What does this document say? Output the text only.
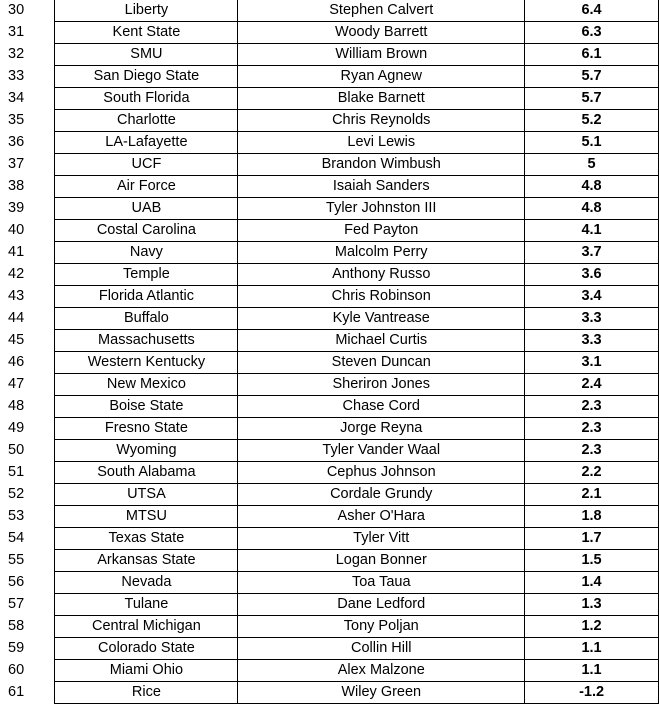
30	Liberty	Stephen Calvert	6.4
31	Kent State	Woody Barrett	6.3
32	SMU	William Brown	6.1
33	San Diego State	Ryan Agnew	5.7
34	South Florida	Blake Barnett	5.7
35	Charlotte	Chris Reynolds	5.2
36	LA-Lafayette	Levi Lewis	5.1
37	UCF	Brandon Wimbush	5
38	Air Force	Isaiah Sanders	4.8
39	UAB	Tyler Johnston III	4.8
40	Costal Carolina	Fed Payton	4.1
41	Navy	Malcolm Perry	3.7
42	Temple	Anthony Russo	3.6
43	Florida Atlantic	Chris Robinson	3.4
44	Buffalo	Kyle Vantrease	3.3
45	Massachusetts	Michael Curtis	3.3
46	Western Kentucky	Steven Duncan	3.1
47	New Mexico	Sheriron Jones	2.4
48	Boise State	Chase Cord	2.3
49	Fresno State	Jorge Reyna	2.3
50	Wyoming	Tyler Vander Waal	2.3
51	South Alabama	Cephus Johnson	2.2
52	UTSA	Cordale Grundy	2.1
53	MTSU	Asher O'Hara	1.8
54	Texas State	Tyler Vitt	1.7
55	Arkansas State	Logan Bonner	1.5
56	Nevada	Toa Taua	1.4
57	Tulane	Dane Ledford	1.3
58	Central Michigan	Tony Poljan	1.2
59	Colorado State	Collin Hill	1.1
60	Miami Ohio	Alex Malzone	1.1
61	Rice	Wiley Green	-1.2
